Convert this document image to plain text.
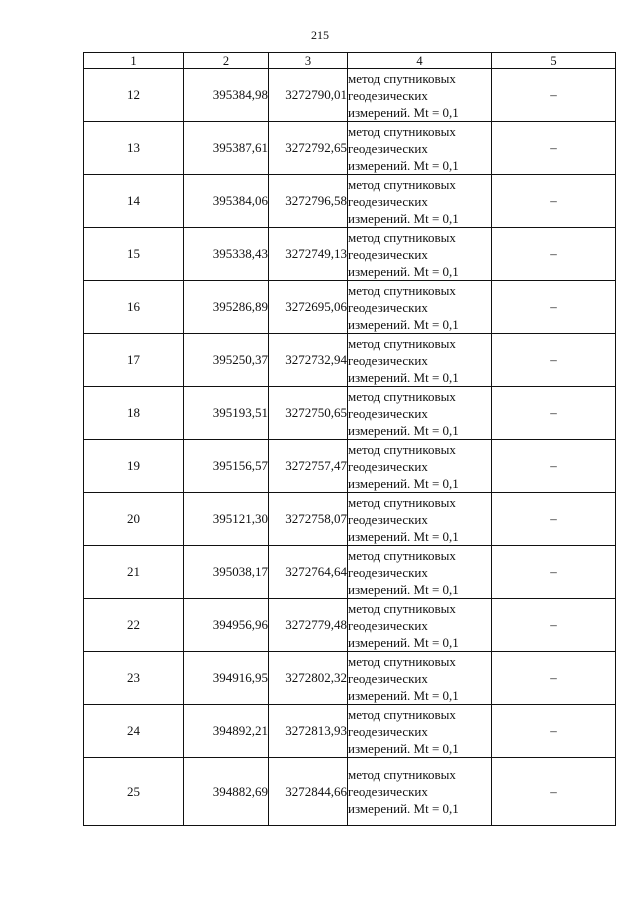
215
1	2	3	4	5
12	395384,98	3272790,01	метод спутниковых
геодезических
измерений. Mt = 0,1	–
13	395387,61	3272792,65	метод спутниковых
геодезических
измерений. Mt = 0,1	–
14	395384,06	3272796,58	метод спутниковых
геодезических
измерений. Mt = 0,1	–
15	395338,43	3272749,13	метод спутниковых
геодезических
измерений. Mt = 0,1	–
16	395286,89	3272695,06	метод спутниковых
геодезических
измерений. Mt = 0,1	–
17	395250,37	3272732,94	метод спутниковых
геодезических
измерений. Mt = 0,1	–
18	395193,51	3272750,65	метод спутниковых
геодезических
измерений. Mt = 0,1	–
19	395156,57	3272757,47	метод спутниковых
геодезических
измерений. Mt = 0,1	–
20	395121,30	3272758,07	метод спутниковых
геодезических
измерений. Mt = 0,1	–
21	395038,17	3272764,64	метод спутниковых
геодезических
измерений. Mt = 0,1	–
22	394956,96	3272779,48	метод спутниковых
геодезических
измерений. Mt = 0,1	–
23	394916,95	3272802,32	метод спутниковых
геодезических
измерений. Mt = 0,1	–
24	394892,21	3272813,93	метод спутниковых
геодезических
измерений. Mt = 0,1	–
25	394882,69	3272844,66	метод спутниковых
геодезических
измерений. Mt = 0,1	–
